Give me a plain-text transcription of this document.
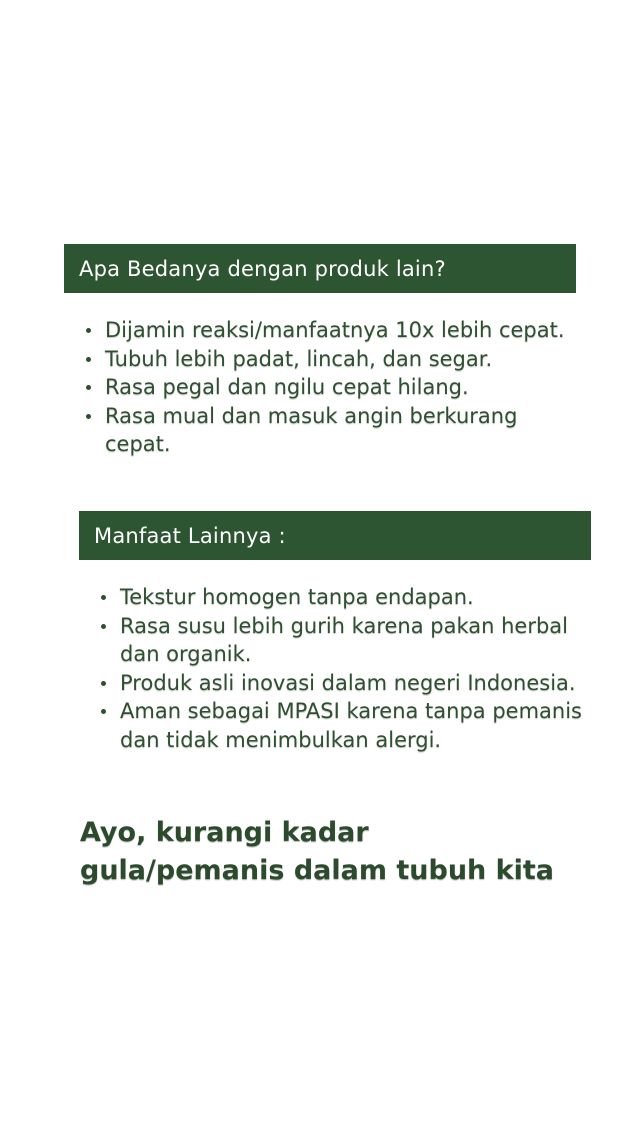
Apa Bedanya dengan produk lain?
Dijamin reaksi/manfaatnya 10x lebih cepat.
Tubuh lebih padat, lincah, dan segar.
Rasa pegal dan ngilu cepat hilang.
Rasa mual dan masuk angin berkurang cepat.
Manfaat Lainnya :
Tekstur homogen tanpa endapan.
Rasa susu lebih gurih karena pakan herbal dan organik.
Produk asli inovasi dalam negeri Indonesia.
Aman sebagai MPASI karena tanpa pemanis dan tidak menimbulkan alergi.
Ayo, kurangi kadar
gula/pemanis dalam tubuh kita
